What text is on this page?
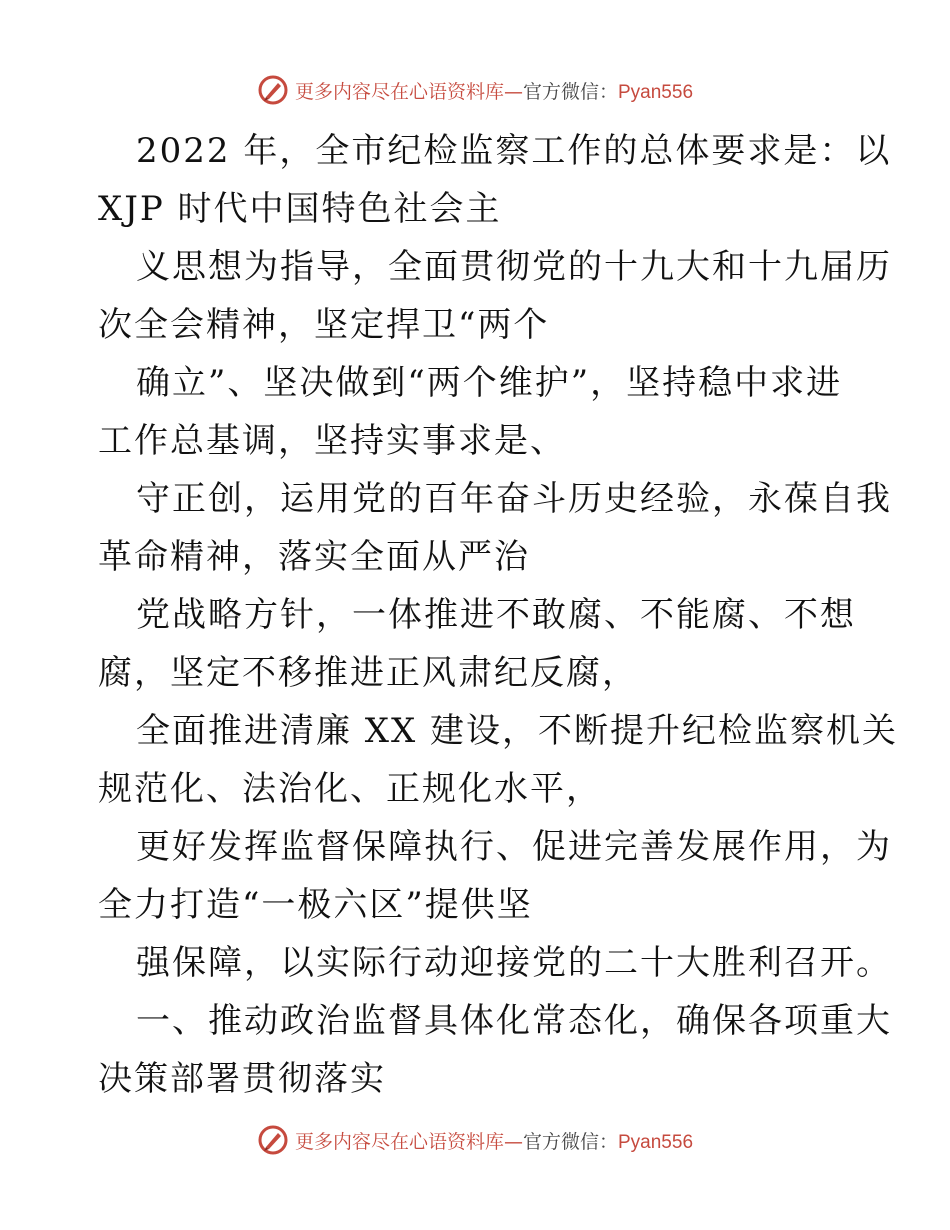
更多内容尽在心语资料库—官方微信：Pyan556

2022 年，全市纪检监察工作的总体要求是：以
XJP 时代中国特色社会主

义思想为指导，全面贯彻党的十九大和十九届历
次全会精神，坚定捍卫“两个

确立”、坚决做到“两个维护”，坚持稳中求进
工作总基调，坚持实事求是、

守正创，运用党的百年奋斗历史经验，永葆自我
革命精神，落实全面从严治

党战略方针，一体推进不敢腐、不能腐、不想
腐，坚定不移推进正风肃纪反腐，

全面推进清廉 XX 建设，不断提升纪检监察机关
规范化、法治化、正规化水平，

更好发挥监督保障执行、促进完善发展作用，为
全力打造“一极六区”提供坚

强保障，以实际行动迎接党的二十大胜利召开。

一、推动政治监督具体化常态化，确保各项重大
决策部署贯彻落实

更多内容尽在心语资料库—官方微信：Pyan556
